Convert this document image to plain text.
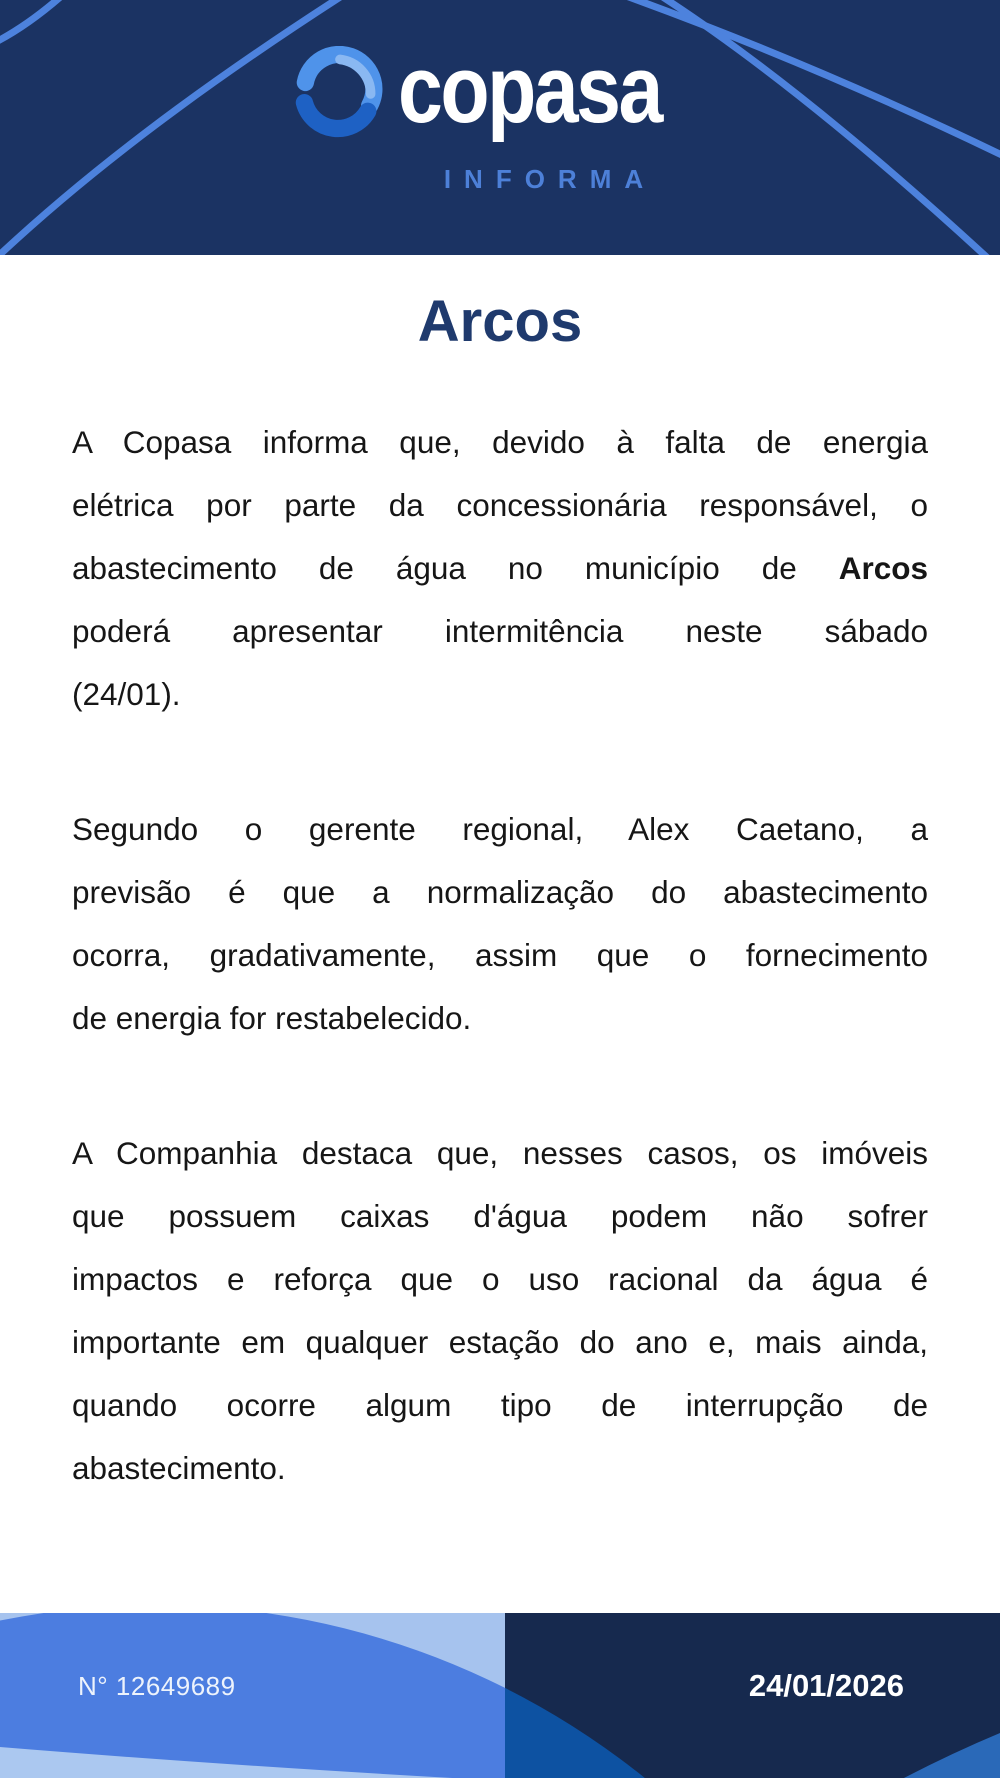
copasa
INFORMA
Arcos
A Copasa informa que, devido à falta de energia
elétrica por parte da concessionária responsável, o
abastecimento de água no município de Arcos
poderá apresentar intermitência neste sábado
(24/01).
Segundo o gerente regional, Alex Caetano, a
previsão é que a normalização do abastecimento
ocorra, gradativamente, assim que o fornecimento
de energia for restabelecido.
A Companhia destaca que, nesses casos, os imóveis
que possuem caixas d'água podem não sofrer
impactos e reforça que o uso racional da água é
importante em qualquer estação do ano e, mais ainda,
quando ocorre algum tipo de interrupção de
abastecimento.
N° 12649689	24/01/2026
